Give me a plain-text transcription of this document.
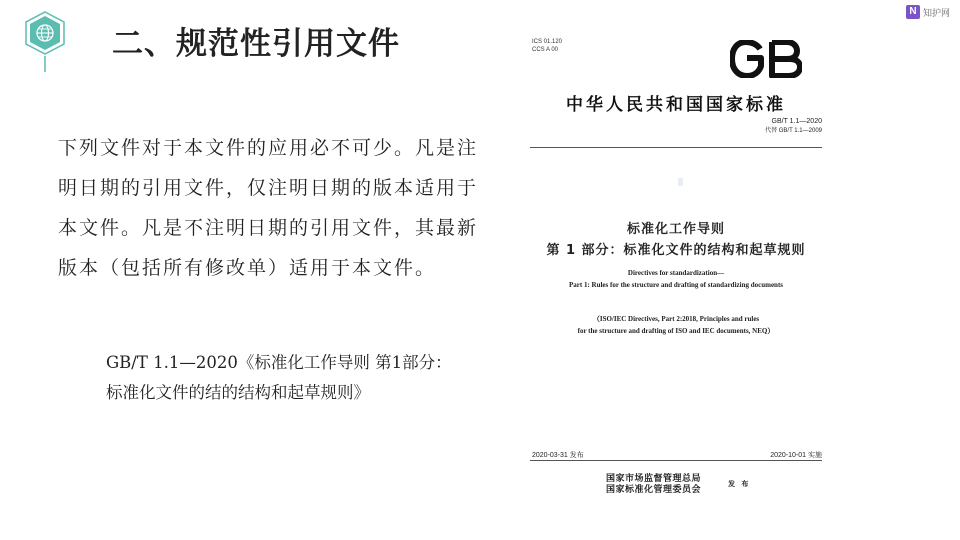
二、规范性引用文件
N 知护网
下列文件对于本文件的应用必不可少。凡是注
明日期的引用文件，仅注明日期的版本适用于
本文件。凡是不注明日期的引用文件，其最新
版本（包括所有修改单）适用于本文件。
GB/T 1.1—2020《标准化工作导则 第1部分：
标准化文件的结的结构和起草规则》
ICS 01.120
CCS A 00
中华人民共和国国家标准
GB/T 1.1—2020
代替 GB/T 1.1—2009
标准化工作导则
第 1 部分：标准化文件的结构和起草规则
Directives for standardization—
Part 1: Rules for the structure and drafting of standardizing documents
（ISO/IEC Directives, Part 2:2018, Principles and rules
for the structure and drafting of ISO and IEC documents, NEQ）
2020-03-31 发布	2020-10-01 实施
国家市场监督管理总局
国家标准化管理委员会
发 布
